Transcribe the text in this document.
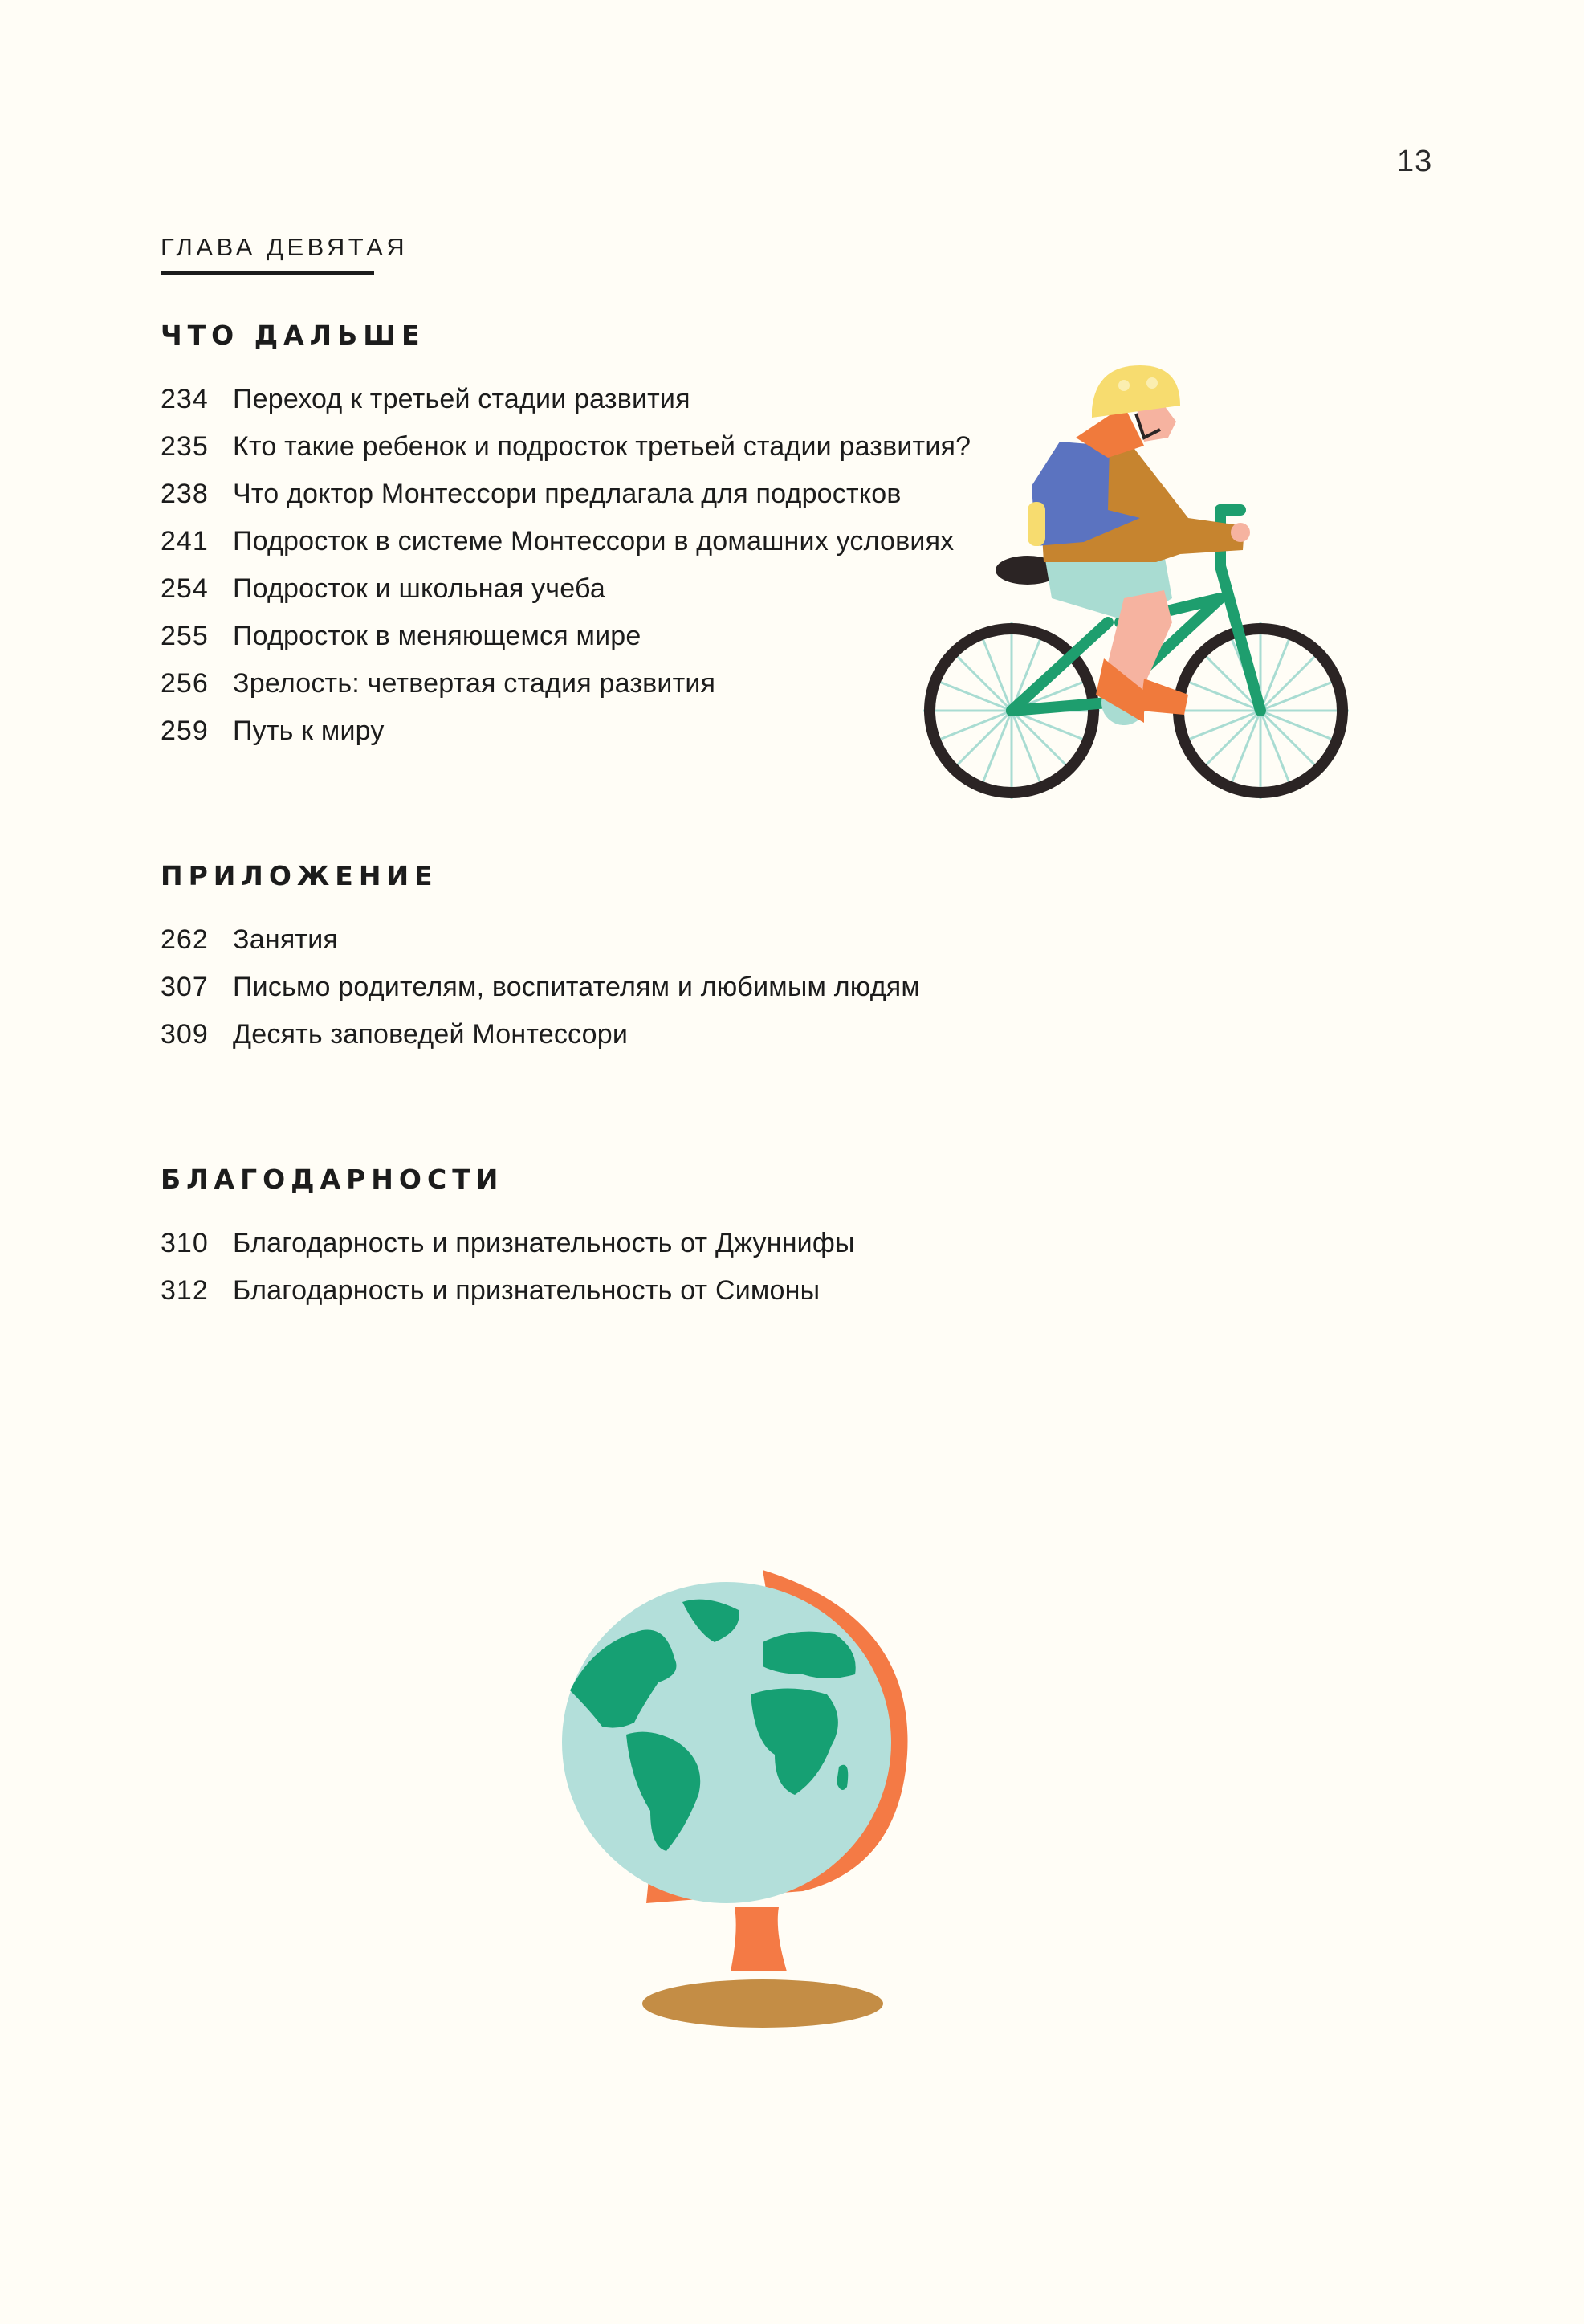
13
ГЛАВА ДЕВЯТАЯ
ЧТО ДАЛЬШЕ
234 Переход к третьей стадии развития
235 Кто такие ребенок и подросток третьей стадии развития?
238 Что доктор Монтессори предлагала для подростков
241 Подросток в системе Монтессори в домашних условиях
254 Подросток и школьная учеба
255 Подросток в меняющемся мире
256 Зрелость: четвертая стадия развития
259 Путь к миру
ПРИЛОЖЕНИЕ
262 Занятия
307 Письмо родителям, воспитателям и любимым людям
309 Десять заповедей Монтессори
БЛАГОДАРНОСТИ
310 Благодарность и признательность от Джуннифы
312 Благодарность и признательность от Симоны
